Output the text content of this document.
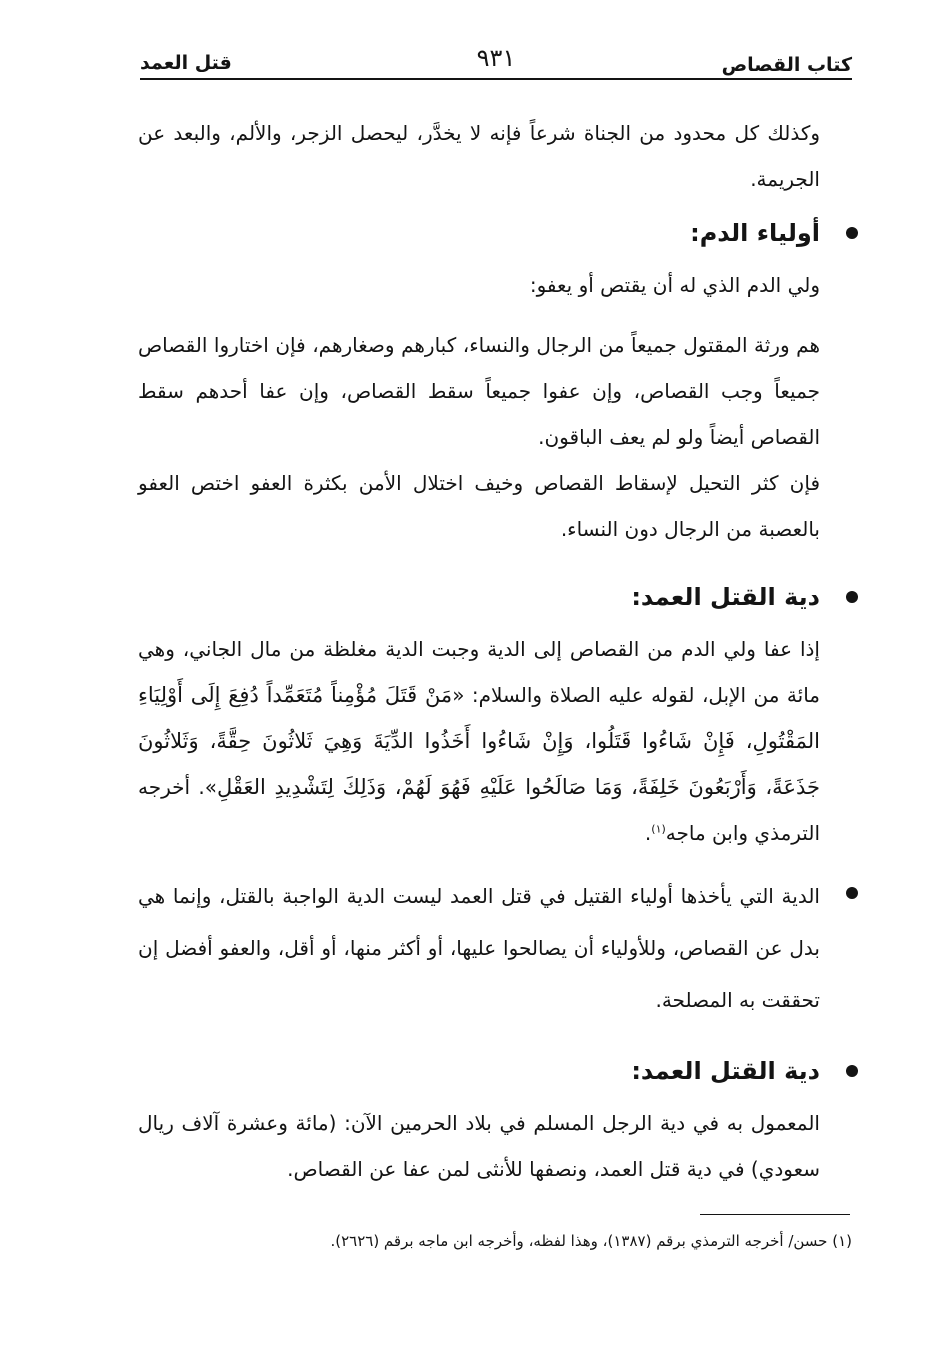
كتاب القصاص
٩٣١
قتل العمد

وكذلك كل محدود من الجناة شرعاً فإنه لا يخدَّر، ليحصل الزجر، والألم، والبعد عن الجريمة.

أولياء الدم:

ولي الدم الذي له أن يقتص أو يعفو:

هم ورثة المقتول جميعاً من الرجال والنساء، كبارهم وصغارهم، فإن اختاروا القصاص جميعاً وجب القصاص، وإن عفوا جميعاً سقط القصاص، وإن عفا أحدهم سقط القصاص أيضاً ولو لم يعف الباقون.

فإن كثر التحيل لإسقاط القصاص وخيف اختلال الأمن بكثرة العفو اختص العفو بالعصبة من الرجال دون النساء.

دية القتل العمد:

إذا عفا ولي الدم من القصاص إلى الدية وجبت الدية مغلظة من مال الجاني، وهي مائة من الإبل، لقوله عليه الصلاة والسلام: «مَنْ قَتَلَ مُؤْمِناً مُتَعَمِّداً دُفِعَ إِلَى أَوْلِيَاءِ المَقْتُولِ، فَإِنْ شَاءُوا قَتَلُوا، وَإِنْ شَاءُوا أَخَذُوا الدِّيَةَ وَهِيَ ثَلاثُونَ حِقَّةً، وَثَلاثُونَ جَذَعَةً، وَأَرْبَعُونَ خَلِفَةً، وَمَا صَالَحُوا عَلَيْهِ فَهُوَ لَهُمْ، وَذَلِكَ لِتَشْدِيدِ العَقْلِ». أخرجه الترمذي وابن ماجه$^{(١)}$.

الدية التي يأخذها أولياء القتيل في قتل العمد ليست الدية الواجبة بالقتل، وإنما هي بدل عن القصاص، وللأولياء أن يصالحوا عليها، أو أكثر منها، أو أقل، والعفو أفضل إن تحققت به المصلحة.

دية القتل العمد:

المعمول به في دية الرجل المسلم في بلاد الحرمين الآن: (مائة وعشرة آلاف ريال سعودي) في دية قتل العمد، ونصفها للأنثى لمن عفا عن القصاص.

(١) حسن/ أخرجه الترمذي برقم (١٣٨٧)، وهذا لفظه، وأخرجه ابن ماجه برقم (٢٦٢٦).
